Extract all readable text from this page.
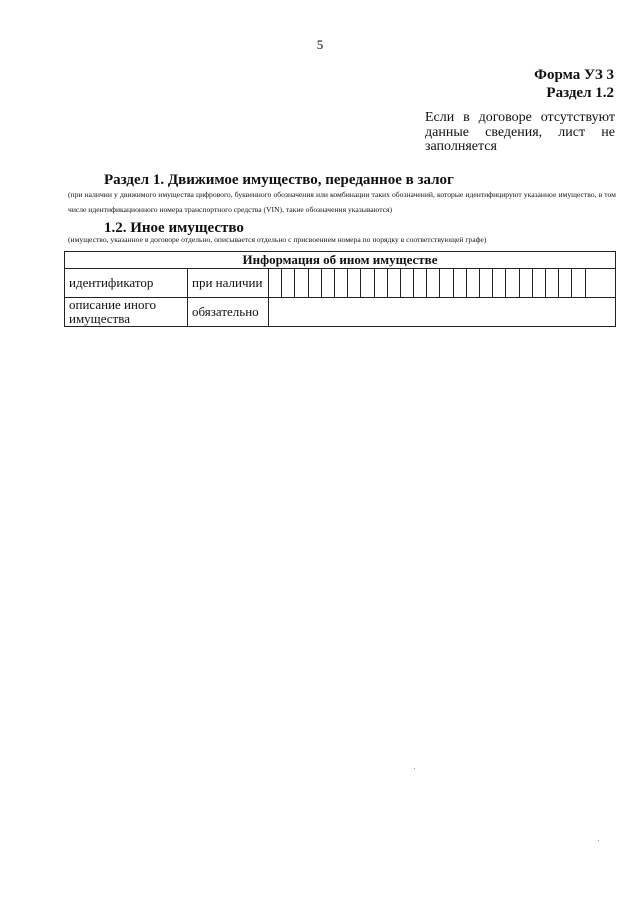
5
Форма УЗ 3
Раздел 1.2
Если в договоре отсутствуют данные сведения, лист не заполняется
Раздел 1. Движимое имущество, переданное в залог
(при наличии у движимого имущества цифрового, буквенного обозначения или комбинации таких обозначений, которые идентифицируют указанное имущество, в том числе идентификационного номера транспортного средства (VIN), такие обозначения указываются)
1.2. Иное имущество
(имущество, указанное в договоре отдельно, описывается отдельно с присвоением номера по порядку в соответствующей графе)
Информация об ином имуществе		
идентификатор	при наличии	

описание иного имущества	обязательно	
